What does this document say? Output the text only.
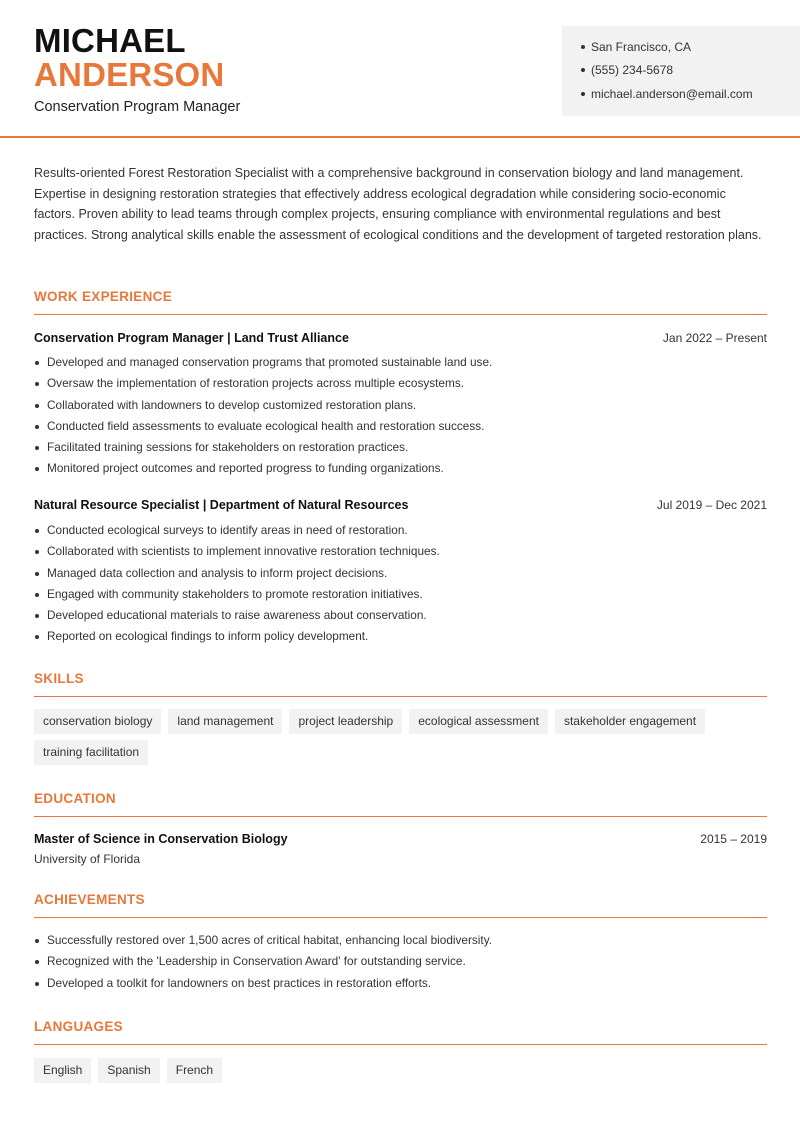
MICHAEL
ANDERSON
Conservation Program Manager
San Francisco, CA
(555) 234-5678
michael.anderson@email.com

Results-oriented Forest Restoration Specialist with a comprehensive background in conservation biology and land management. Expertise in designing restoration strategies that effectively address ecological degradation while considering socio-economic factors. Proven ability to lead teams through complex projects, ensuring compliance with environmental regulations and best practices. Strong analytical skills enable the assessment of ecological conditions and the development of targeted restoration plans.

WORK EXPERIENCE
Conservation Program Manager | Land Trust Alliance	Jan 2022 – Present
Developed and managed conservation programs that promoted sustainable land use.
Oversaw the implementation of restoration projects across multiple ecosystems.
Collaborated with landowners to develop customized restoration plans.
Conducted field assessments to evaluate ecological health and restoration success.
Facilitated training sessions for stakeholders on restoration practices.
Monitored project outcomes and reported progress to funding organizations.
Natural Resource Specialist | Department of Natural Resources	Jul 2019 – Dec 2021
Conducted ecological surveys to identify areas in need of restoration.
Collaborated with scientists to implement innovative restoration techniques.
Managed data collection and analysis to inform project decisions.
Engaged with community stakeholders to promote restoration initiatives.
Developed educational materials to raise awareness about conservation.
Reported on ecological findings to inform policy development.
SKILLS
conservation biology land management project leadership ecological assessment stakeholder engagementtraining facilitation
EDUCATION
Master of Science in Conservation Biology	2015 – 2019
University of Florida
ACHIEVEMENTS
Successfully restored over 1,500 acres of critical habitat, enhancing local biodiversity.
Recognized with the 'Leadership in Conservation Award' for outstanding service.
Developed a toolkit for landowners on best practices in restoration efforts.
LANGUAGES
English Spanish French
